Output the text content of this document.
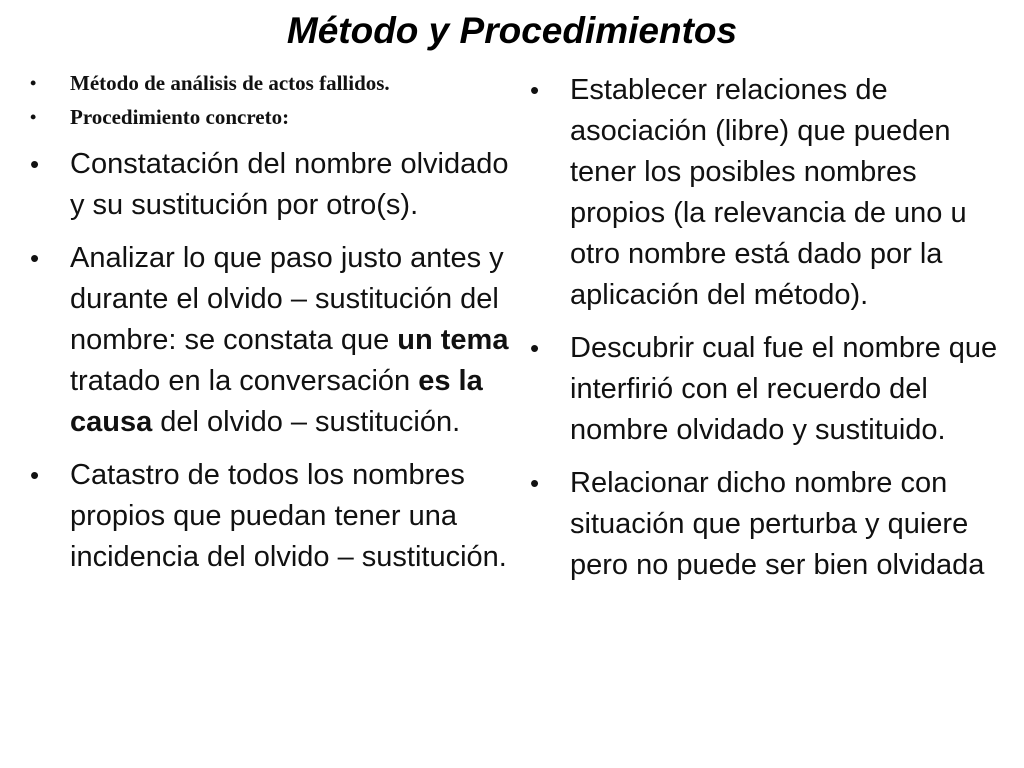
Método y Procedimientos
• Método de análisis de actos fallidos.
• Procedimiento concreto:
• Constatación del nombre olvidado y su sustitución por otro(s).
• Analizar lo que paso justo antes y durante el olvido – sustitución del nombre: se constata que un tema tratado en la conversación es la causa del olvido – sustitución.
• Catastro de todos los nombres propios que puedan tener una incidencia del olvido – sustitución.
• Establecer relaciones de asociación (libre) que pueden tener los posibles nombres propios (la relevancia de uno u otro nombre está dado por la aplicación del método).
• Descubrir cual fue el nombre que interfirió con el recuerdo del nombre olvidado y sustituido.
• Relacionar dicho nombre con situación que perturba y quiere pero no puede ser bien olvidada
